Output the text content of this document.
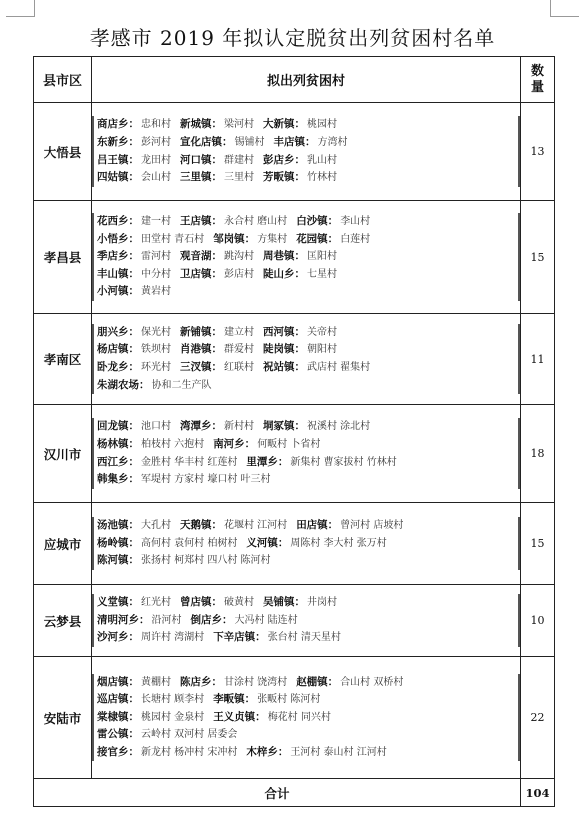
孝感市 2019 年拟认定脱贫出列贫困村名单
县市区	拟出列贫困村	数量
大悟县	商店乡： 忠和村 新城镇： 梁河村 大新镇： 桃园村
东新乡： 彭河村 宣化店镇： 锡铺村 丰店镇： 方湾村
吕王镇： 龙田村 河口镇： 群建村 彭店乡： 乳山村
四姑镇： 会山村 三里镇： 三里村 芳畈镇： 竹林村	13
孝昌县	花西乡： 建一村 王店镇： 永合村 磨山村 白沙镇： 李山村
小悟乡： 田堂村 青石村 邹岗镇： 方集村 花园镇： 白莲村
季店乡： 雷河村 观音湖： 跳沟村 周巷镇： 匡阳村
丰山镇： 中分村 卫店镇： 彭店村 陡山乡： 七星村
小河镇： 黄岩村	15
孝南区	朋兴乡： 保光村 新铺镇： 建立村 西河镇： 关帝村
杨店镇： 铁坝村 肖港镇： 群爱村 陡岗镇： 朝阳村
卧龙乡： 环光村 三汊镇： 红联村 祝站镇： 武店村 翟集村
朱湖农场： 协和二生产队	11
汉川市	回龙镇： 池口村 湾潭乡： 新村村 垌冢镇： 祝溪村 涂北村
杨林镇： 柏枝村 六抱村 南河乡： 何畈村 卜省村
西江乡： 金胜村 华丰村 红莲村 里潭乡： 新集村 曹家拔村 竹林村
韩集乡： 军堤村 方家村 壕口村 叶三村	18
应城市	汤池镇： 大孔村 天鹅镇： 花堰村 江河村 田店镇： 曾河村 店坡村
杨岭镇： 高何村 袁何村 柏树村 义河镇： 周陈村 李大村 张万村
陈河镇： 张扬村 柯郑村 四八村 陈河村	15
云梦县	义堂镇： 红光村 曾店镇： 破黄村 吴铺镇： 井岗村
清明河乡： 沿河村 倒店乡： 大冯村 陆连村
沙河乡： 周许村 湾湖村 下辛店镇： 张台村 清天星村	10
安陆市	烟店镇： 黄棚村 陈店乡： 甘涂村 饶湾村 赵棚镇： 合山村 双桥村
巡店镇： 长塘村 顾李村 李畈镇： 张畈村 陈河村
棠棣镇： 桃园村 金泉村 王义贞镇： 梅花村 同兴村
雷公镇： 云岭村 双河村 居委会
接官乡： 新龙村 杨冲村 宋冲村 木梓乡： 王河村 泰山村 江河村	22
合计		104
